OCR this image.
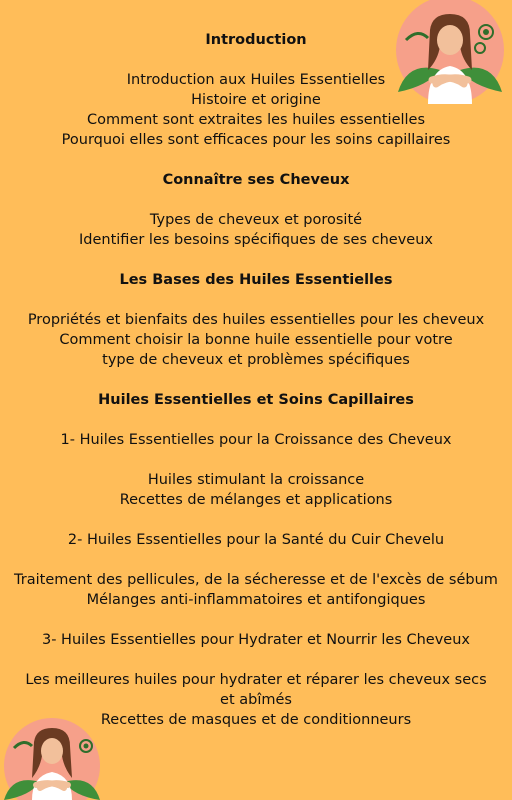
Introduction
Introduction aux Huiles Essentielles
Histoire et origine
Comment sont extraites les huiles essentielles
Pourquoi elles sont efficaces pour les soins capillaires
Connaître ses Cheveux
Types de cheveux et porosité
Identifier les besoins spécifiques de ses cheveux
Les Bases des Huiles Essentielles
Propriétés et bienfaits des huiles essentielles pour les cheveux
Comment choisir la bonne huile essentielle pour votre type de cheveux et problèmes spécifiques
Huiles Essentielles et Soins Capillaires
1- Huiles Essentielles pour la Croissance des Cheveux
Huiles stimulant la croissance
Recettes de mélanges et applications
2- Huiles Essentielles pour la Santé du Cuir Chevelu
Traitement des pellicules, de la sécheresse et de l'excès de sébum
Mélanges anti-inflammatoires et antifongiques
3- Huiles Essentielles pour Hydrater et Nourrir les Cheveux
Les meilleures huiles pour hydrater et réparer les cheveux secs et abîmés
Recettes de masques et de conditionneurs
